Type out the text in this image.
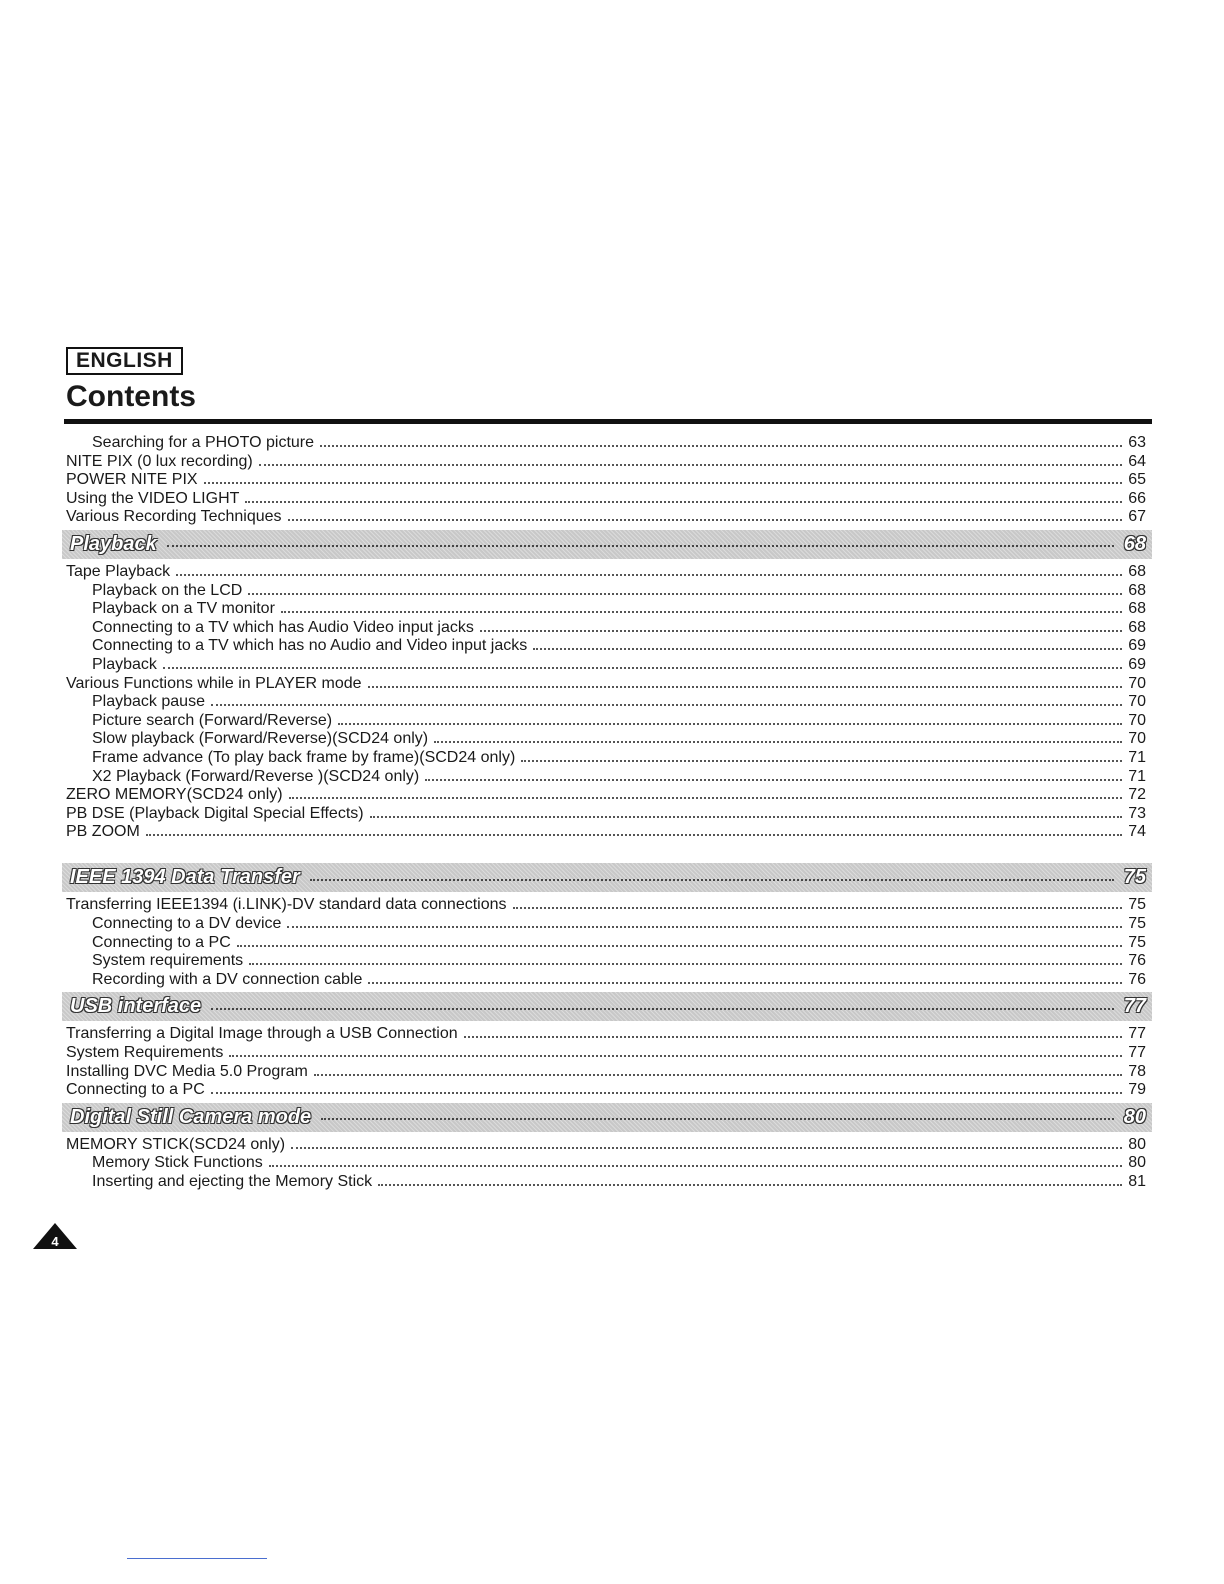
ENGLISH
Contents
Searching for a PHOTO picture	63
NITE PIX (0 lux recording)	64
POWER NITE PIX	65
Using the VIDEO LIGHT	66
Various Recording Techniques	67
Playback	68
Tape Playback	68
Playback on the LCD	68
Playback on a TV monitor	68
Connecting to a TV which has Audio Video input jacks	68
Connecting to a TV which has no Audio and Video input jacks	69
Playback	69
Various Functions while in PLAYER mode	70
Playback pause	70
Picture search (Forward/Reverse)	70
Slow playback (Forward/Reverse)(SCD24 only)	70
Frame advance (To play back frame by frame)(SCD24 only)	71
X2 Playback (Forward/Reverse )(SCD24 only)	71
ZERO MEMORY(SCD24 only)	72
PB DSE (Playback Digital Special Effects)	73
PB ZOOM	74
IEEE 1394 Data Transfer	75
Transferring IEEE1394 (i.LINK)-DV standard data connections	75
Connecting to a DV device	75
Connecting to a PC	75
System requirements	76
Recording with a DV connection cable	76
USB interface	77
Transferring a Digital Image through a USB Connection	77
System Requirements	77
Installing DVC Media 5.0 Program	78
Connecting to a PC	79
Digital Still Camera mode	80
MEMORY STICK(SCD24 only)	80
Memory Stick Functions	80
Inserting and ejecting the Memory Stick	81
4
